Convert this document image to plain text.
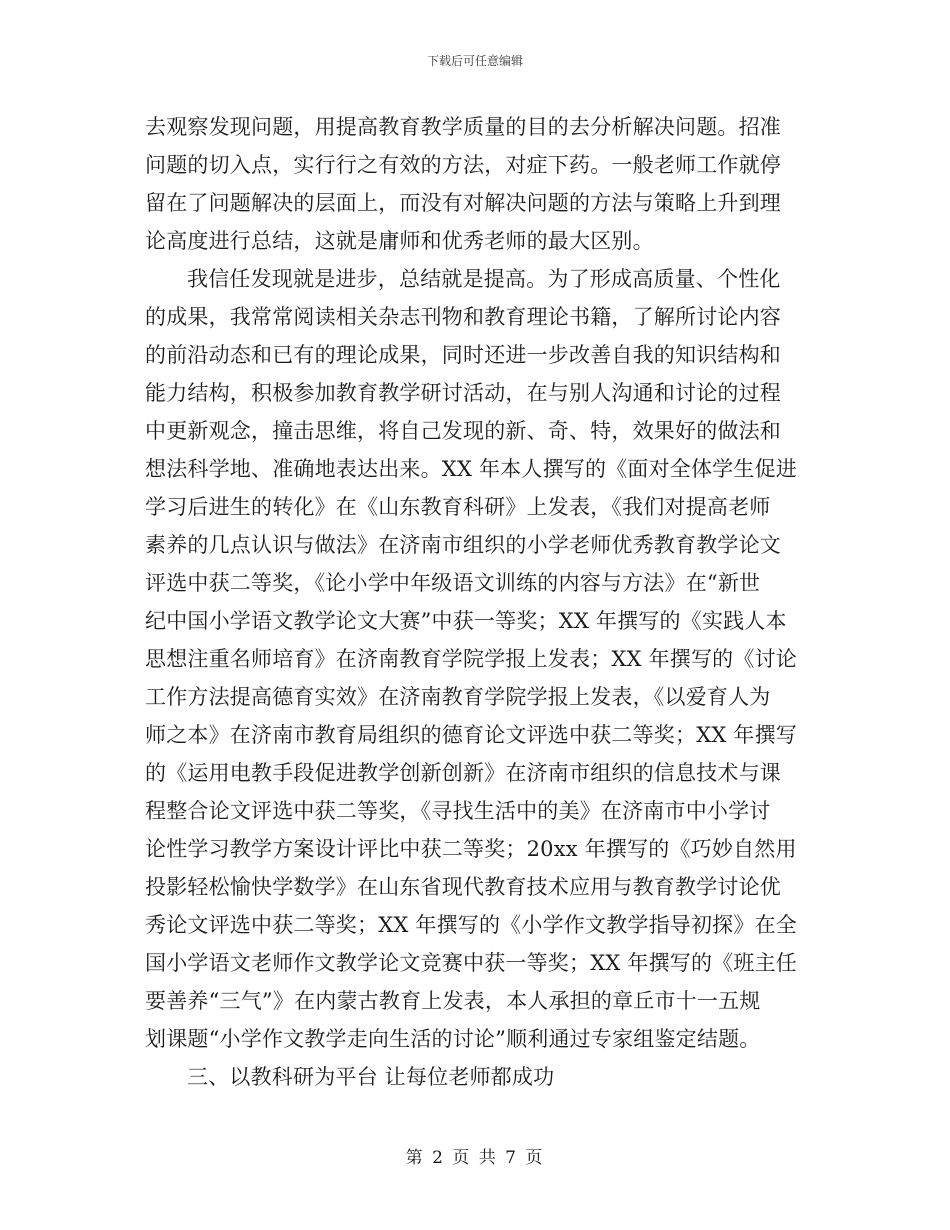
下载后可任意编辑
去观察发现问题，用提高教育教学质量的目的去分析解决问题。招准
问题的切入点，实行行之有效的方法，对症下药。一般老师工作就停
留在了问题解决的层面上，而没有对解决问题的方法与策略上升到理
论高度进行总结，这就是庸师和优秀老师的最大区别。
我信任发现就是进步，总结就是提高。为了形成高质量、个性化
的成果，我常常阅读相关杂志刊物和教育理论书籍，了解所讨论内容
的前沿动态和已有的理论成果，同时还进一步改善自我的知识结构和
能力结构，积极参加教育教学研讨活动，在与别人沟通和讨论的过程
中更新观念，撞击思维，将自己发现的新、奇、特，效果好的做法和
想法科学地、准确地表达出来。XX 年本人撰写的《面对全体学生促进
学习后进生的转化》在《山东教育科研》上发表，《我们对提高老师
素养的几点认识与做法》在济南市组织的小学老师优秀教育教学论文
评选中获二等奖，《论小学中年级语文训练的内容与方法》在“新世
纪中国小学语文教学论文大赛”中获一等奖；XX 年撰写的《实践人本
思想注重名师培育》在济南教育学院学报上发表；XX 年撰写的《讨论
工作方法提高德育实效》在济南教育学院学报上发表，《以爱育人为
师之本》在济南市教育局组织的德育论文评选中获二等奖；XX 年撰写
的《运用电教手段促进教学创新创新》在济南市组织的信息技术与课
程整合论文评选中获二等奖，《寻找生活中的美》在济南市中小学讨
论性学习教学方案设计评比中获二等奖；20xx 年撰写的《巧妙自然用
投影轻松愉快学数学》在山东省现代教育技术应用与教育教学讨论优
秀论文评选中获二等奖；XX 年撰写的《小学作文教学指导初探》在全
国小学语文老师作文教学论文竞赛中获一等奖；XX 年撰写的《班主任
要善养“三气”》在内蒙古教育上发表，本人承担的章丘市十一五规
划课题“小学作文教学走向生活的讨论”顺利通过专家组鉴定结题。
三、以教科研为平台 让每位老师都成功
第 2 页 共 7 页
